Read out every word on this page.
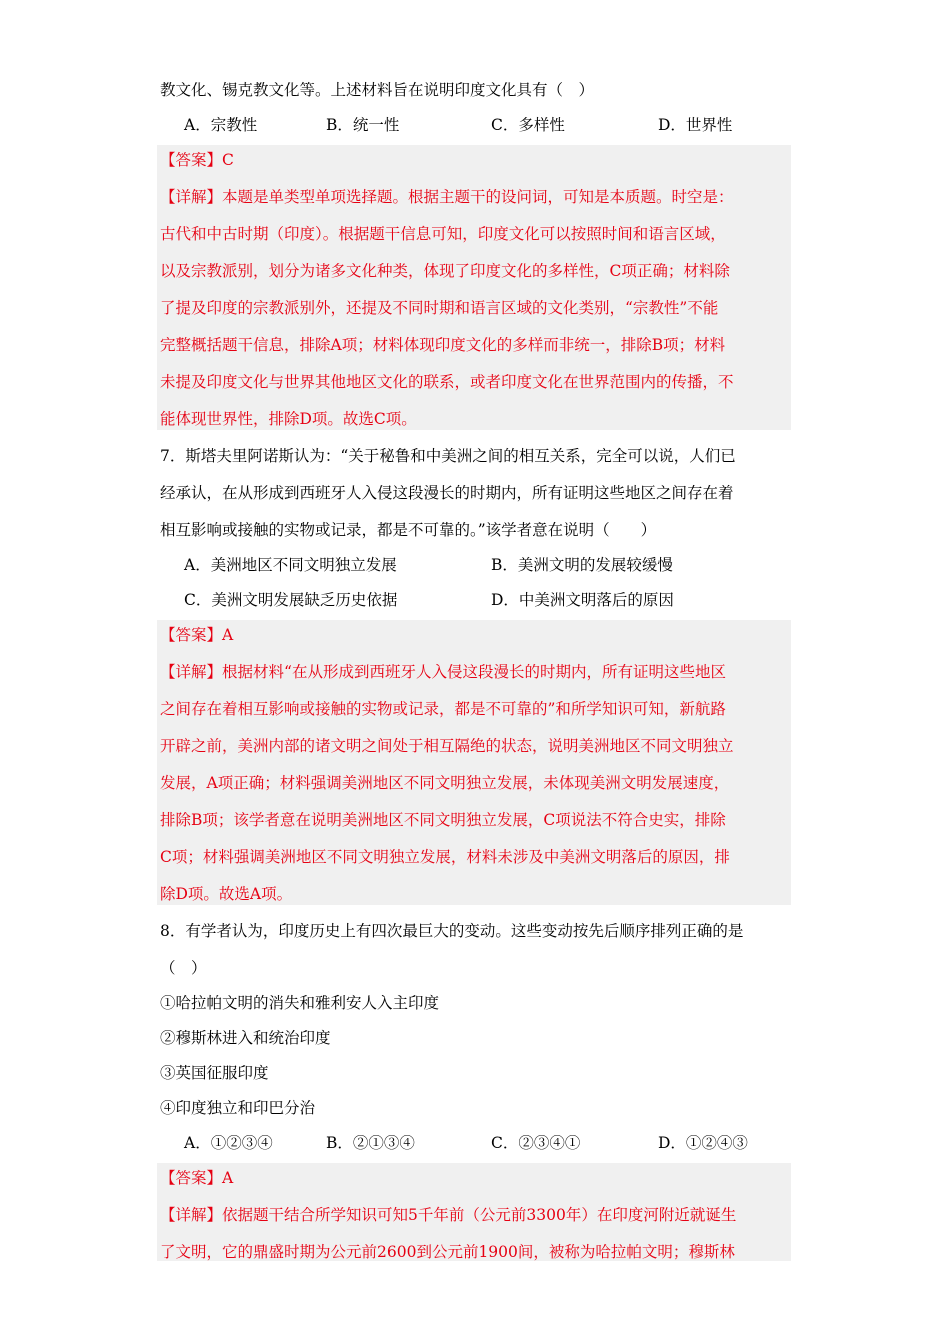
教文化、锡克教文化等。上述材料旨在说明印度文化具有（　）
A．宗教性	B．统一性	C．多样性	D．世界性
【答案】C
【详解】本题是单类型单项选择题。根据主题干的设问词，可知是本质题。时空是：
古代和中古时期（印度）。根据题干信息可知，印度文化可以按照时间和语言区域，
以及宗教派别，划分为诸多文化种类，体现了印度文化的多样性，C项正确；材料除
了提及印度的宗教派别外，还提及不同时期和语言区域的文化类别，“宗教性”不能
完整概括题干信息，排除A项；材料体现印度文化的多样而非统一，排除B项；材料
未提及印度文化与世界其他地区文化的联系，或者印度文化在世界范围内的传播，不
能体现世界性，排除D项。故选C项。
7．斯塔夫里阿诺斯认为：“关于秘鲁和中美洲之间的相互关系，完全可以说，人们已
经承认，在从形成到西班牙人入侵这段漫长的时期内，所有证明这些地区之间存在着
相互影响或接触的实物或记录，都是不可靠的。”该学者意在说明（　　）
A．美洲地区不同文明独立发展	B．美洲文明的发展较缓慢
C．美洲文明发展缺乏历史依据	D．中美洲文明落后的原因
【答案】A
【详解】根据材料“在从形成到西班牙人入侵这段漫长的时期内，所有证明这些地区
之间存在着相互影响或接触的实物或记录，都是不可靠的”和所学知识可知，新航路
开辟之前，美洲内部的诸文明之间处于相互隔绝的状态，说明美洲地区不同文明独立
发展，A项正确；材料强调美洲地区不同文明独立发展，未体现美洲文明发展速度，
排除B项；该学者意在说明美洲地区不同文明独立发展，C项说法不符合史实，排除
C项；材料强调美洲地区不同文明独立发展，材料未涉及中美洲文明落后的原因，排
除D项。故选A项。
8．有学者认为，印度历史上有四次最巨大的变动。这些变动按先后顺序排列正确的是
（　）
①哈拉帕文明的消失和雅利安人入主印度
②穆斯林进入和统治印度
③英国征服印度
④印度独立和印巴分治
A．①②③④	B．②①③④	C．②③④①	D．①②④③
【答案】A
【详解】依据题干结合所学知识可知5千年前（公元前3300年）在印度河附近就诞生
了文明，它的鼎盛时期为公元前2600到公元前1900间，被称为哈拉帕文明；穆斯林
